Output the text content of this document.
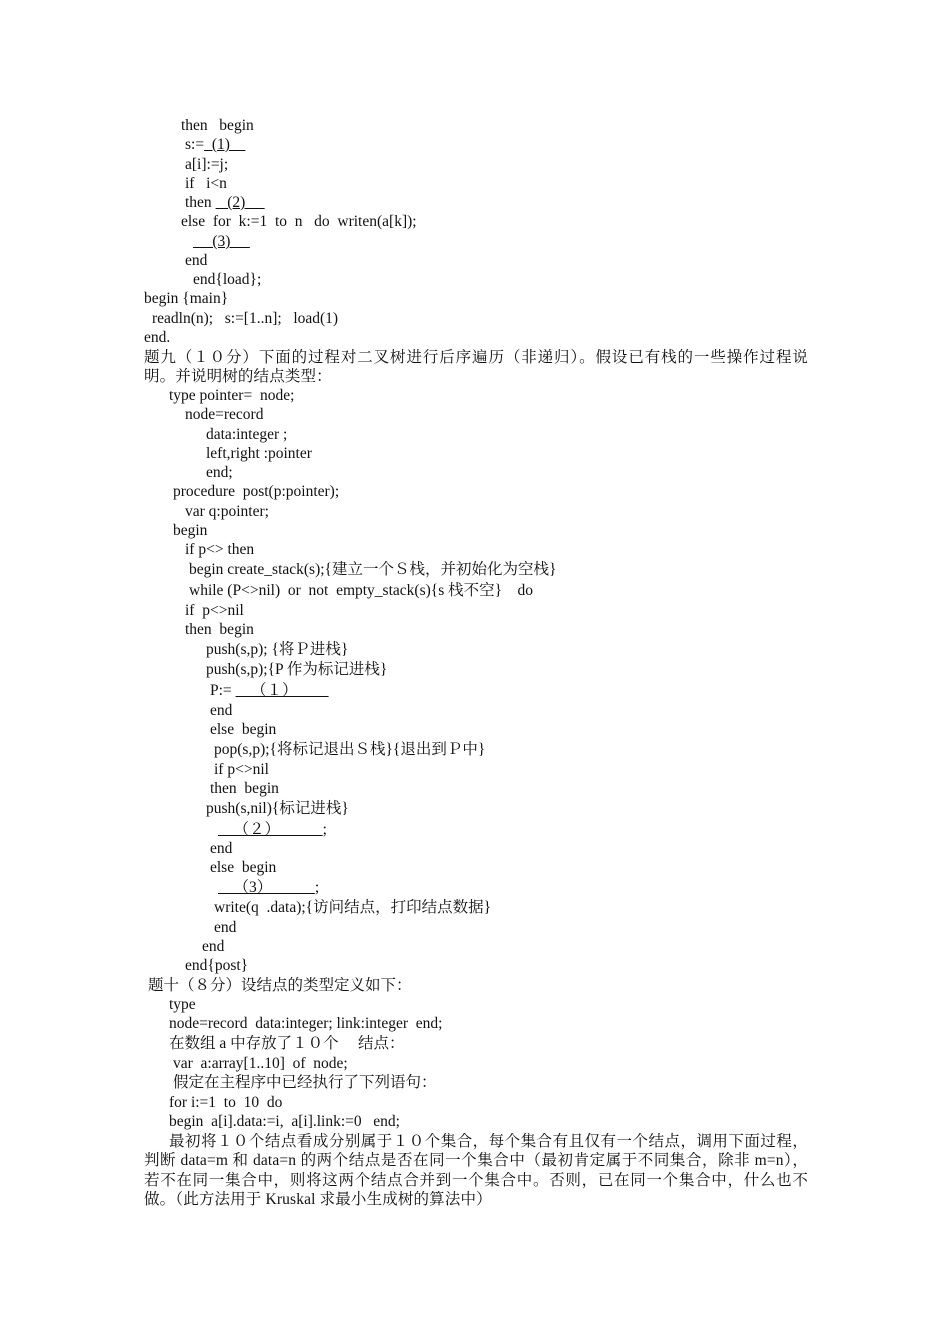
then   begin
s:=  (1)
a[i]:=j;
if   i<n
then    (2)
else  for  k:=1  to  n   do  writen(a[k]);
(3)
end
end{load};
begin {main}
readln(n);   s:=[1..n];   load(1)
end.
题九（１０分）下面的过程对二叉树进行后序遍历（非递归）。假设已有栈的一些操作过程说明。并说明树的结点类型：
type pointer=  node;
node=record
data:integer ;
left,right :pointer
end;
procedure  post(p:pointer);
var q:pointer;
begin
if p<> then
begin create_stack(s);{建立一个Ｓ栈，并初始化为空栈}
while (P<>nil)  or  not  empty_stack(s){s 栈不空}    do
if  p<>nil
then  begin
push(s,p); {将Ｐ进栈}
push(s,p);{P 作为标记进栈}
P:=     （１）
end
else  begin
pop(s,p);{将标记退出Ｓ栈}{退出到Ｐ中}
if p<>nil
then  begin
push(s,nil){标记进栈}
（２）           ;
end
else  begin
（3）           ;
write(q  .data);{访问结点，打印结点数据}
end
end
end{post}
题十（８分）设结点的类型定义如下：
type
node=record  data:integer; link:integer  end;
在数组 a 中存放了１０个     结点：
var  a:array[1..10]  of  node;
假定在主程序中已经执行了下列语句：
for i:=1  to  10  do
begin  a[i].data:=i,  a[i].link:=0   end;
最初将１０个结点看成分别属于１０个集合，每个集合有且仅有一个结点，调用下面过程，判断 data=m 和 data=n 的两个结点是否在同一个集合中（最初肯定属于不同集合，除非 m=n），若不在同一集合中，则将这两个结点合并到一个集合中。否则，已在同一个集合中，什么也不做。（此方法用于 Kruskal 求最小生成树的算法中）
